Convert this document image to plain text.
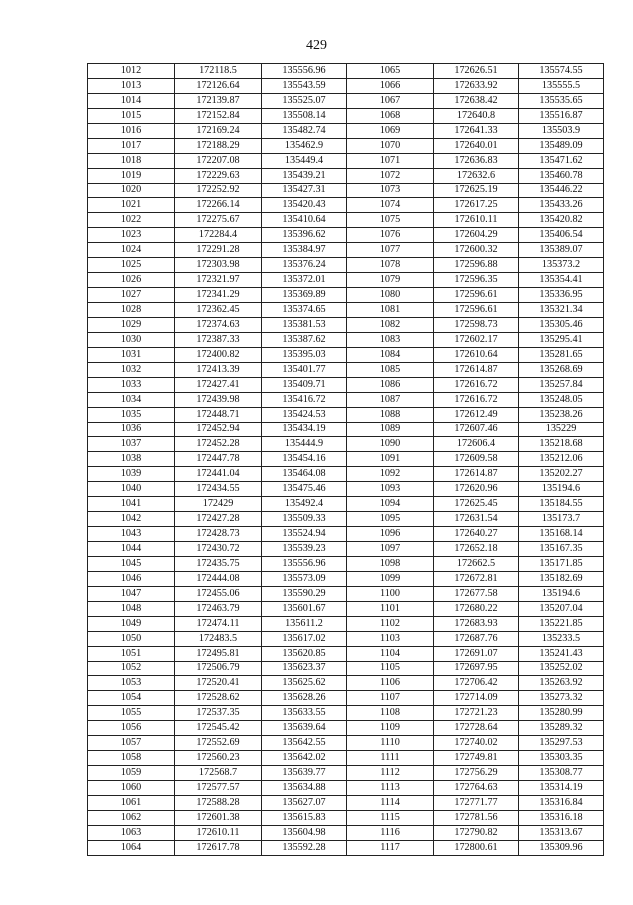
429
1012	172118.5	135556.96	1065	172626.51	135574.55
1013	172126.64	135543.59	1066	172633.92	135555.5
1014	172139.87	135525.07	1067	172638.42	135535.65
1015	172152.84	135508.14	1068	172640.8	135516.87
1016	172169.24	135482.74	1069	172641.33	135503.9
1017	172188.29	135462.9	1070	172640.01	135489.09
1018	172207.08	135449.4	1071	172636.83	135471.62
1019	172229.63	135439.21	1072	172632.6	135460.78
1020	172252.92	135427.31	1073	172625.19	135446.22
1021	172266.14	135420.43	1074	172617.25	135433.26
1022	172275.67	135410.64	1075	172610.11	135420.82
1023	172284.4	135396.62	1076	172604.29	135406.54
1024	172291.28	135384.97	1077	172600.32	135389.07
1025	172303.98	135376.24	1078	172596.88	135373.2
1026	172321.97	135372.01	1079	172596.35	135354.41
1027	172341.29	135369.89	1080	172596.61	135336.95
1028	172362.45	135374.65	1081	172596.61	135321.34
1029	172374.63	135381.53	1082	172598.73	135305.46
1030	172387.33	135387.62	1083	172602.17	135295.41
1031	172400.82	135395.03	1084	172610.64	135281.65
1032	172413.39	135401.77	1085	172614.87	135268.69
1033	172427.41	135409.71	1086	172616.72	135257.84
1034	172439.98	135416.72	1087	172616.72	135248.05
1035	172448.71	135424.53	1088	172612.49	135238.26
1036	172452.94	135434.19	1089	172607.46	135229
1037	172452.28	135444.9	1090	172606.4	135218.68
1038	172447.78	135454.16	1091	172609.58	135212.06
1039	172441.04	135464.08	1092	172614.87	135202.27
1040	172434.55	135475.46	1093	172620.96	135194.6
1041	172429	135492.4	1094	172625.45	135184.55
1042	172427.28	135509.33	1095	172631.54	135173.7
1043	172428.73	135524.94	1096	172640.27	135168.14
1044	172430.72	135539.23	1097	172652.18	135167.35
1045	172435.75	135556.96	1098	172662.5	135171.85
1046	172444.08	135573.09	1099	172672.81	135182.69
1047	172455.06	135590.29	1100	172677.58	135194.6
1048	172463.79	135601.67	1101	172680.22	135207.04
1049	172474.11	135611.2	1102	172683.93	135221.85
1050	172483.5	135617.02	1103	172687.76	135233.5
1051	172495.81	135620.85	1104	172691.07	135241.43
1052	172506.79	135623.37	1105	172697.95	135252.02
1053	172520.41	135625.62	1106	172706.42	135263.92
1054	172528.62	135628.26	1107	172714.09	135273.32
1055	172537.35	135633.55	1108	172721.23	135280.99
1056	172545.42	135639.64	1109	172728.64	135289.32
1057	172552.69	135642.55	1110	172740.02	135297.53
1058	172560.23	135642.02	1111	172749.81	135303.35
1059	172568.7	135639.77	1112	172756.29	135308.77
1060	172577.57	135634.88	1113	172764.63	135314.19
1061	172588.28	135627.07	1114	172771.77	135316.84
1062	172601.38	135615.83	1115	172781.56	135316.18
1063	172610.11	135604.98	1116	172790.82	135313.67
1064	172617.78	135592.28	1117	172800.61	135309.96
